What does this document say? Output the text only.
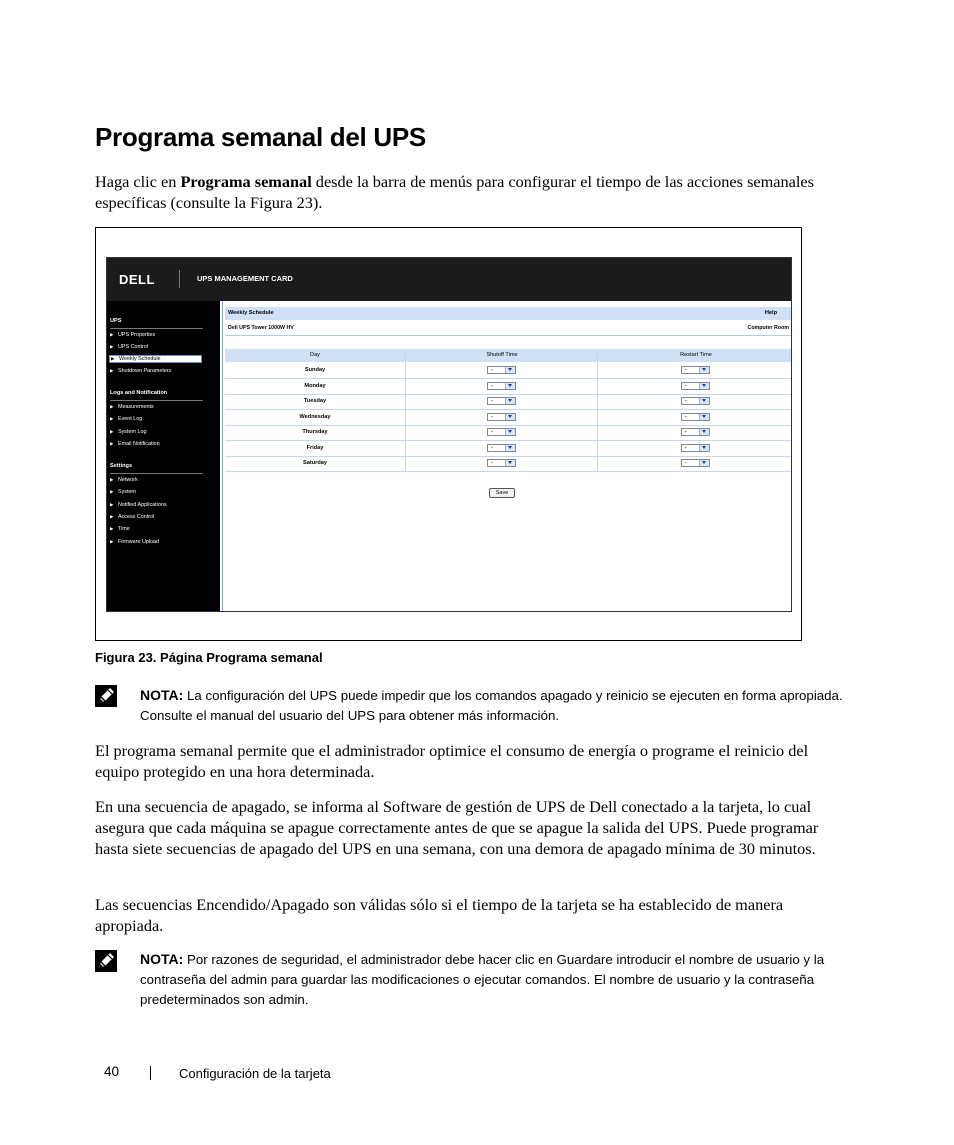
Programa semanal del UPS

Haga clic en Programa semanal desde la barra de menús para configurar el tiempo de las acciones semanales específicas (consulte la Figura 23).

DELL	UPS MANAGEMENT CARD
UPS
▶ UPS Properties
▶ UPS Control
▶ Weekly Schedule
▶ Shutdown Parameters
Logs and Notification
▶ Measurements
▶ Event Log
▶ System Log
▶ Email Notification
Settings
▶ Network
▶ System
▶ Notified Applications
▶ Access Control
▶ Time
▶ Firmware Upload
Weekly Schedule	Help
Dell UPS Tower 1000W HV	Computer Room
Day	Shutoff Time	Restart Time
Sunday	-	-
Monday	-	-
Tuesday	-	-
Wednesday	-	-
Thursday	-	-
Friday	-	-
Saturday	-	-
Save
Figura 23. Página Programa semanal

NOTA: La configuración del UPS puede impedir que los comandos apagado y reinicio se ejecuten en forma apropiada. Consulte el manual del usuario del UPS para obtener más información.

El programa semanal permite que el administrador optimice el consumo de energía o programe el reinicio del equipo protegido en una hora determinada.

En una secuencia de apagado, se informa al Software de gestión de UPS de Dell conectado a la tarjeta, lo cual asegura que cada máquina se apague correctamente antes de que se apague la salida del UPS. Puede programar hasta siete secuencias de apagado del UPS en una semana, con una demora de apagado mínima de 30 minutos.

Las secuencias Encendido/Apagado son válidas sólo si el tiempo de la tarjeta se ha establecido de manera apropiada.

NOTA: Por razones de seguridad, el administrador debe hacer clic en Guardare introducir el nombre de usuario y la contraseña del admin para guardar las modificaciones o ejecutar comandos. El nombre de usuario y la contraseña predeterminados son admin.

40	Configuración de la tarjeta
